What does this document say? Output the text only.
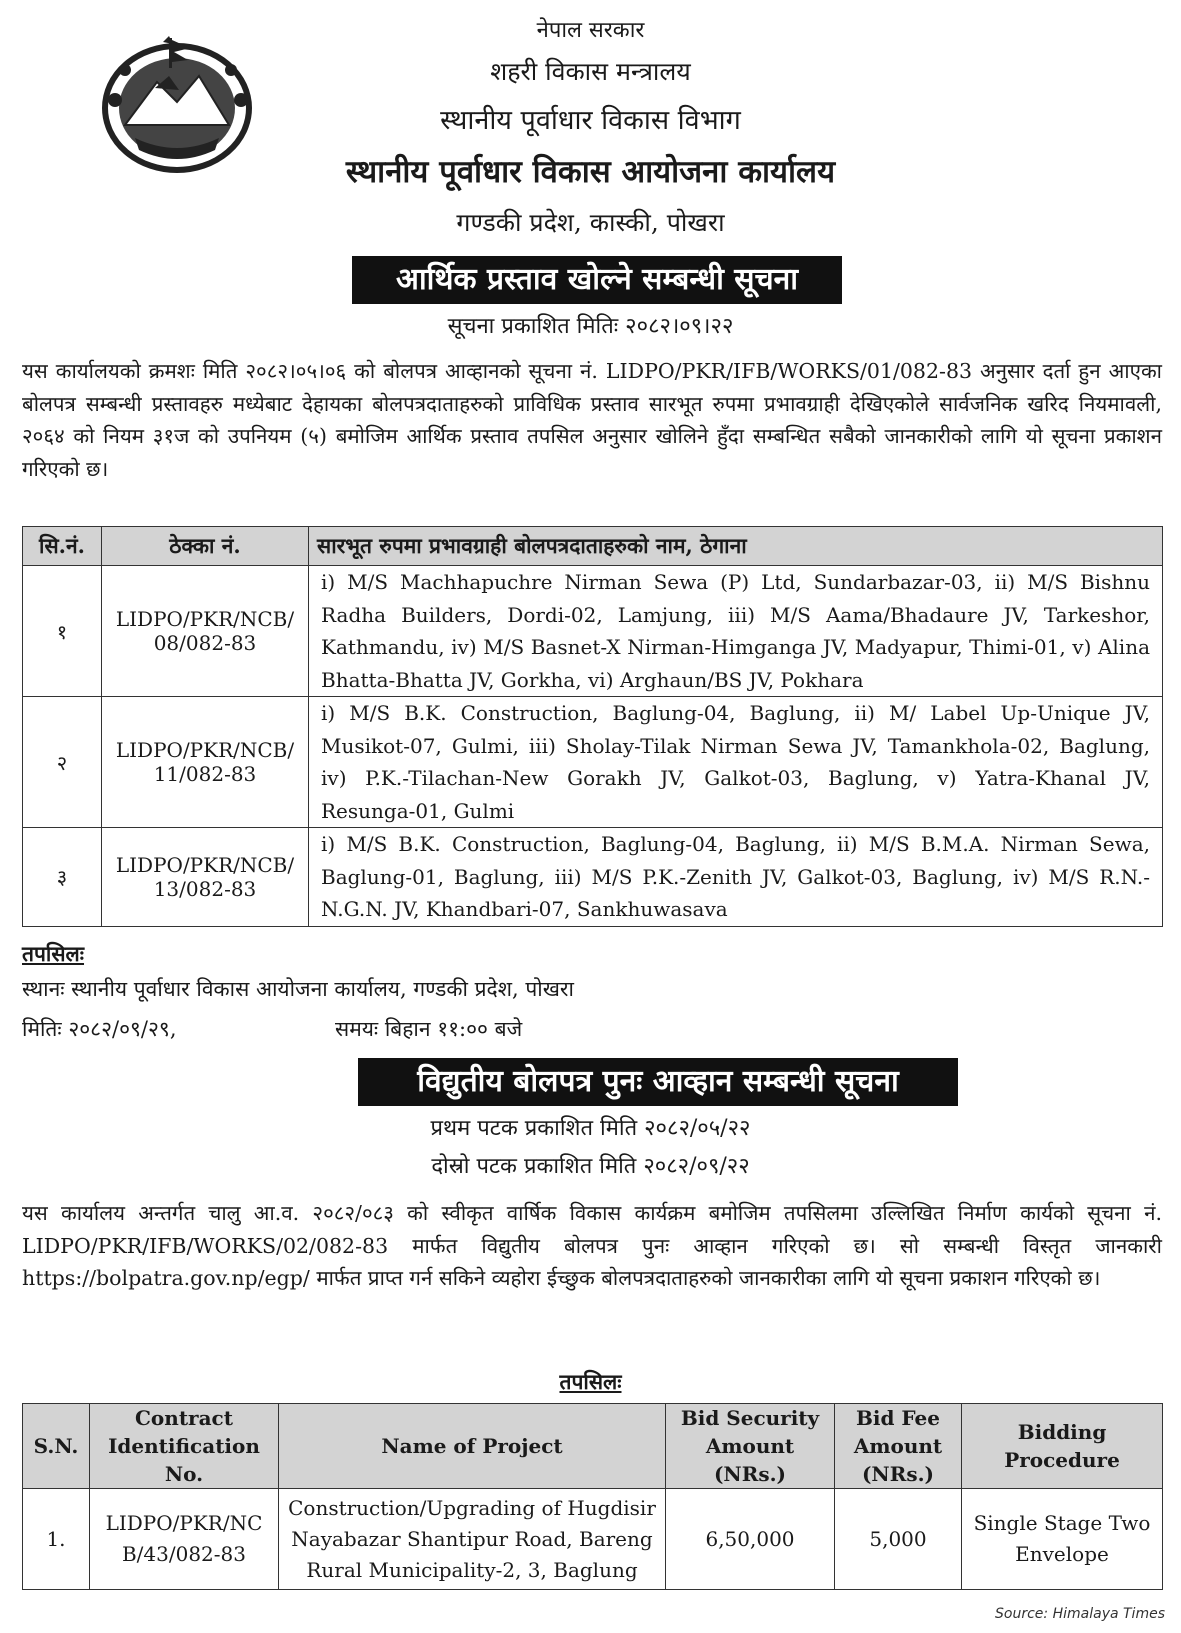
नेपाल सरकार
शहरी विकास मन्त्रालय
स्थानीय पूर्वाधार विकास विभाग
स्थानीय पूर्वाधार विकास आयोजना कार्यालय
गण्डकी प्रदेश, कास्की, पोखरा
आर्थिक प्रस्ताव खोल्ने सम्बन्धी सूचना
सूचना प्रकाशित मितिः २०८२।०९।२२
यस कार्यालयको क्रमशः मिति २०८२।०५।०६ को बोलपत्र आव्हानको सूचना नं. LIDPO/PKR/IFB/WORKS/01/082-83 अनुसार दर्ता हुन आएका बोलपत्र सम्बन्धी प्रस्तावहरु मध्येबाट देहायका बोलपत्रदाताहरुको प्राविधिक प्रस्ताव सारभूत रुपमा प्रभावग्राही देखिएकोले सार्वजनिक खरिद नियमावली, २०६४ को नियम ३१ज को उपनियम (५) बमोजिम आर्थिक प्रस्ताव तपसिल अनुसार खोलिने हुँदा सम्बन्धित सबैको जानकारीको लागि यो सूचना प्रकाशन गरिएको छ।
सि.नं.	ठेक्का नं.	सारभूत रुपमा प्रभावग्राही बोलपत्रदाताहरुको नाम, ठेगाना
१	LIDPO/PKR/NCB/ 08/082-83	i) M/S Machhapuchre Nirman Sewa (P) Ltd, Sundarbazar-03, ii) M/S Bishnu Radha Builders, Dordi-02, Lamjung, iii) M/S Aama/Bhadaure JV, Tarkeshor, Kathmandu, iv) M/S Basnet-X Nirman-Himganga JV, Madyapur, Thimi-01, v) Alina Bhatta-Bhatta JV, Gorkha, vi) Arghaun/BS JV, Pokhara
२	LIDPO/PKR/NCB/ 11/082-83	i) M/S B.K. Construction, Baglung-04, Baglung, ii) M/ Label Up-Unique JV, Musikot-07, Gulmi, iii) Sholay-Tilak Nirman Sewa JV, Tamankhola-02, Baglung, iv) P.K.-Tilachan-New Gorakh JV, Galkot-03, Baglung, v) Yatra-Khanal JV, Resunga-01, Gulmi
३	LIDPO/PKR/NCB/ 13/082-83	i) M/S B.K. Construction, Baglung-04, Baglung, ii) M/S B.M.A. Nirman Sewa, Baglung-01, Baglung, iii) M/S P.K.-Zenith JV, Galkot-03, Baglung, iv) M/S R.N.-N.G.N. JV, Khandbari-07, Sankhuwasava
तपसिलः
स्थानः स्थानीय पूर्वाधार विकास आयोजना कार्यालय, गण्डकी प्रदेश, पोखरा
मितिः २०८२/०९/२९,	समयः बिहान ११:०० बजे
विद्युतीय बोलपत्र पुनः आव्हान सम्बन्धी सूचना
प्रथम पटक प्रकाशित मिति २०८२/०५/२२
दोस्रो पटक प्रकाशित मिति २०८२/०९/२२
यस कार्यालय अन्तर्गत चालु आ.व. २०८२/०८३ को स्वीकृत वार्षिक विकास कार्यक्रम बमोजिम तपसिलमा उल्लिखित निर्माण कार्यको सूचना नं. LIDPO/PKR/IFB/WORKS/02/082-83 मार्फत विद्युतीय बोलपत्र पुनः आव्हान गरिएको छ। सो सम्बन्धी विस्तृत जानकारी https://bolpatra.gov.np/egp/ मार्फत प्राप्त गर्न सकिने व्यहोरा ईच्छुक बोलपत्रदाताहरुको जानकारीका लागि यो सूचना प्रकाशन गरिएको छ।
तपसिलः
S.N.	Contract Identification No.	Name of Project	Bid Security Amount (NRs.)	Bid Fee Amount (NRs.)	Bidding Procedure
1.	LIDPO/PKR/NC B/43/082-83	Construction/Upgrading of Hugdisir Nayabazar Shantipur Road, Bareng Rural Municipality-2, 3, Baglung	6,50,000	5,000	Single Stage Two Envelope
Source: Himalaya Times
